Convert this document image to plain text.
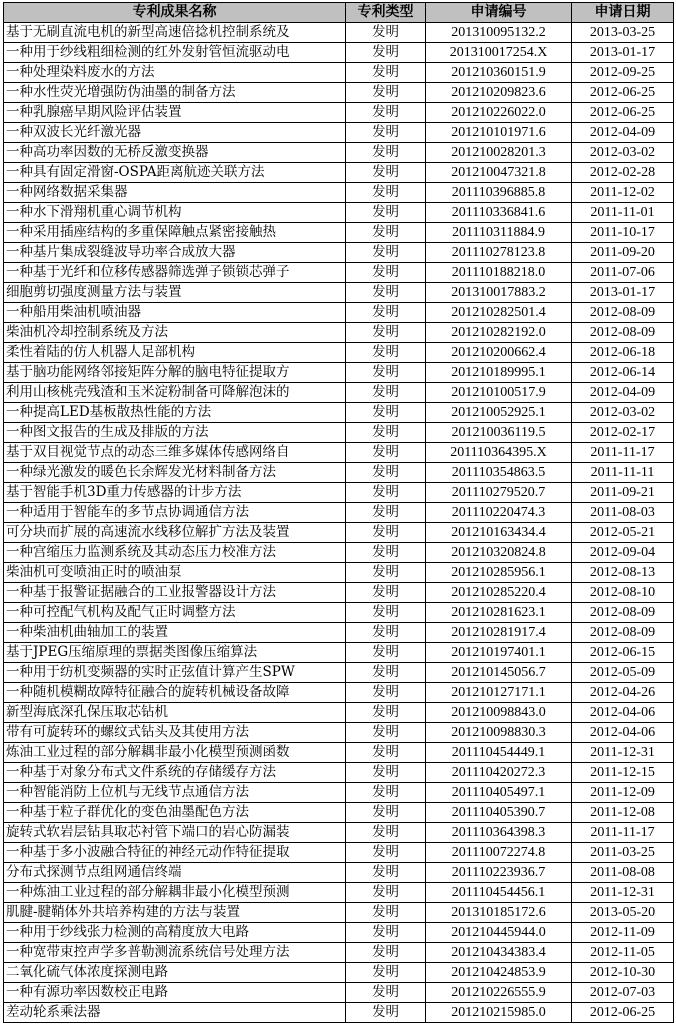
专利成果名称	专利类型	申请编号	申请日期
基于无刷直流电机的新型高速倍捻机控制系统及	发明	201310095132.2	2013-03-25
一种用于纱线粗细检测的红外发射管恒流驱动电	发明	201310017254.X	2013-01-17
一种处理染料废水的方法	发明	201210360151.9	2012-09-25
一种水性荧光增强防伪油墨的制备方法	发明	201210209823.6	2012-06-25
一种乳腺癌早期风险评估装置	发明	201210226022.0	2012-06-25
一种双波长光纤激光器	发明	201210101971.6	2012-04-09
一种高功率因数的无桥反激变换器	发明	201210028201.3	2012-03-02
一种具有固定滑窗-OSPA距离航迹关联方法	发明	201210047321.8	2012-02-28
一种网络数据采集器	发明	201110396885.8	2011-12-02
一种水下滑翔机重心调节机构	发明	201110336841.6	2011-11-01
一种采用插座结构的多重保障触点紧密接触热	发明	201110311884.9	2011-10-17
一种基片集成裂缝波导功率合成放大器	发明	201110278123.8	2011-09-20
一种基于光纤和位移传感器筛选弹子锁锁芯弹子	发明	201110188218.0	2011-07-06
细胞剪切强度测量方法与装置	发明	201310017883.2	2013-01-17
一种船用柴油机喷油器	发明	201210282501.4	2012-08-09
柴油机冷却控制系统及方法	发明	201210282192.0	2012-08-09
柔性着陆的仿人机器人足部机构	发明	201210200662.4	2012-06-18
基于脑功能网络邻接矩阵分解的脑电特征提取方	发明	201210189995.1	2012-06-14
利用山核桃壳残渣和玉米淀粉制备可降解泡沫的	发明	201210100517.9	2012-04-09
一种提高LED基板散热性能的方法	发明	201210052925.1	2012-03-02
一种图文报告的生成及排版的方法	发明	201210036119.5	2012-02-17
基于双目视觉节点的动态三维多媒体传感网络自	发明	201110364395.X	2011-11-17
一种绿光激发的暖色长余辉发光材料制备方法	发明	201110354863.5	2011-11-11
基于智能手机3D重力传感器的计步方法	发明	201110279520.7	2011-09-21
一种适用于智能车的多节点协调通信方法	发明	201110220474.3	2011-08-03
可分块而扩展的高速流水线移位解扩方法及装置	发明	201210163434.4	2012-05-21
一种宫缩压力监测系统及其动态压力校准方法	发明	201210320824.8	2012-09-04
柴油机可变喷油正时的喷油泵	发明	201210285956.1	2012-08-13
一种基于报警证据融合的工业报警器设计方法	发明	201210285220.4	2012-08-10
一种可控配气机构及配气正时调整方法	发明	201210281623.1	2012-08-09
一种柴油机曲轴加工的装置	发明	201210281917.4	2012-08-09
基于JPEG压缩原理的票据类图像压缩算法	发明	201210197401.1	2012-06-15
一种用于纺机变频器的实时正弦值计算产生SPW	发明	201210145056.7	2012-05-09
一种随机模糊故障特征融合的旋转机械设备故障	发明	201210127171.1	2012-04-26
新型海底深孔保压取芯钻机	发明	201210098843.0	2012-04-06
带有可旋转环的螺纹式钻头及其使用方法	发明	201210098830.3	2012-04-06
炼油工业过程的部分解耦非最小化模型预测函数	发明	201110454449.1	2011-12-31
一种基于对象分布式文件系统的存储缓存方法	发明	201110420272.3	2011-12-15
一种智能消防上位机与无线节点通信方法	发明	201110405497.1	2011-12-09
一种基于粒子群优化的变色油墨配色方法	发明	201110405390.7	2011-12-08
旋转式软岩层钻具取芯衬管下端口的岩心防漏装	发明	201110364398.3	2011-11-17
一种基于多小波融合特征的神经元动作特征提取	发明	201110072274.8	2011-03-25
分布式探测节点组网通信终端	发明	201110223936.7	2011-08-08
一种炼油工业过程的部分解耦非最小化模型预测	发明	201110454456.1	2011-12-31
肌腱-腱鞘体外共培养构建的方法与装置	发明	201310185172.6	2013-05-20
一种用于纱线张力检测的高精度放大电路	发明	201210445944.0	2012-11-09
一种宽带束控声学多普勒测流系统信号处理方法	发明	201210434383.4	2012-11-05
二氧化硫气体浓度探测电路	发明	201210424853.9	2012-10-30
一种有源功率因数校正电路	发明	201210226555.9	2012-07-03
差动轮系乘法器	发明	201210215985.0	2012-06-25
